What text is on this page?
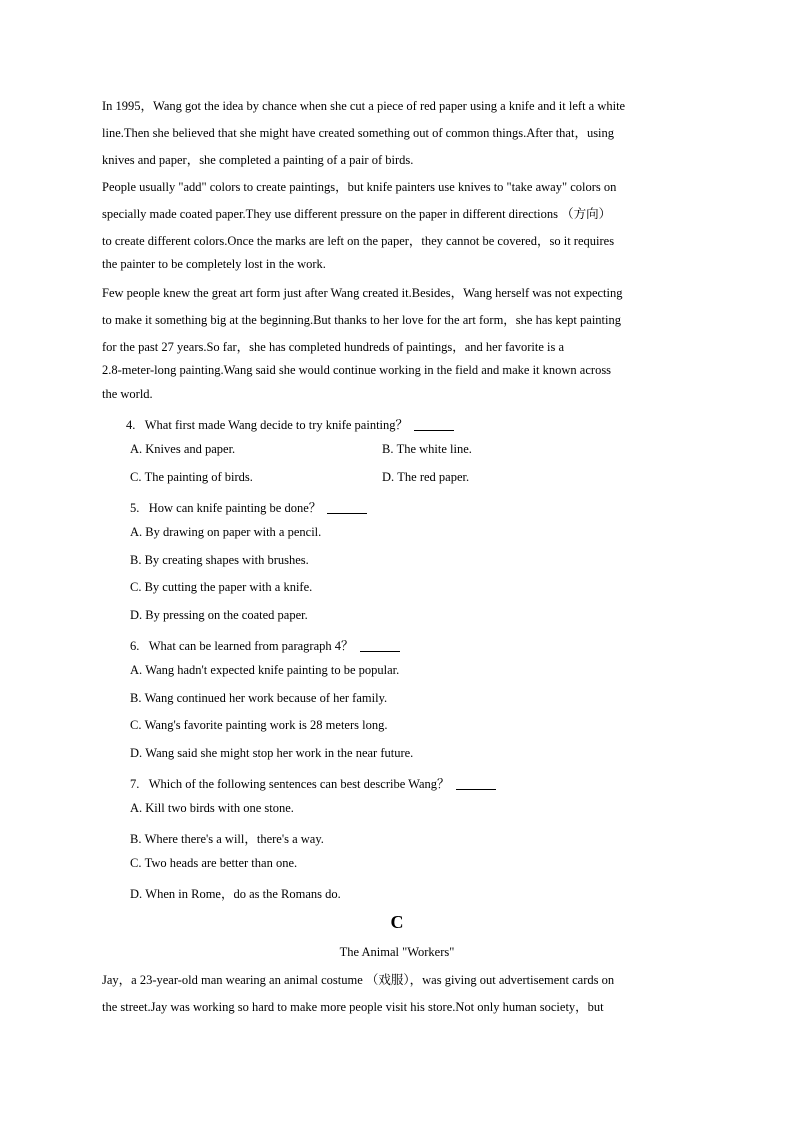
In 1995，Wang got the idea by chance when she cut a piece of red paper using a knife and it left a white
line.Then she believed that she might have created something out of common things.After that，using
knives and paper，she completed a painting of a pair of birds.
People usually "add" colors to create paintings，but knife painters use knives to "take away" colors on
specially made coated paper.They use different pressure on the paper in different directions （方向）
to create different colors.Once the marks are left on the paper，they cannot be covered，so it requires
the painter to be completely lost in the work.
Few people knew the great art form just after Wang created it.Besides，Wang herself was not expecting
to make it something big at the beginning.But thanks to her love for the art form，she has kept painting
for the past 27 years.So far，she has completed hundreds of paintings，and her favorite is a
2.8-meter-long painting.Wang said she would continue working in the field and make it known across
the world.
4. What first made Wang decide to try knife painting？
A. Knives and paper.	B. The white line.
C. The painting of birds.	D. The red paper.
5. How can knife painting be done？
A. By drawing on paper with a pencil.
B. By creating shapes with brushes.
C. By cutting the paper with a knife.
D. By pressing on the coated paper.
6. What can be learned from paragraph 4？
A. Wang hadn't expected knife painting to be popular.
B. Wang continued her work because of her family.
C. Wang's favorite painting work is 28 meters long.
D. Wang said she might stop her work in the near future.
7. Which of the following sentences can best describe Wang？
A. Kill two birds with one stone.
B. Where there's a will，there's a way.
C. Two heads are better than one.
D. When in Rome，do as the Romans do.
C
The Animal "Workers"
Jay，a 23-year-old man wearing an animal costume （戏服），was giving out advertisement cards on
the street.Jay was working so hard to make more people visit his store.Not only human society，but
